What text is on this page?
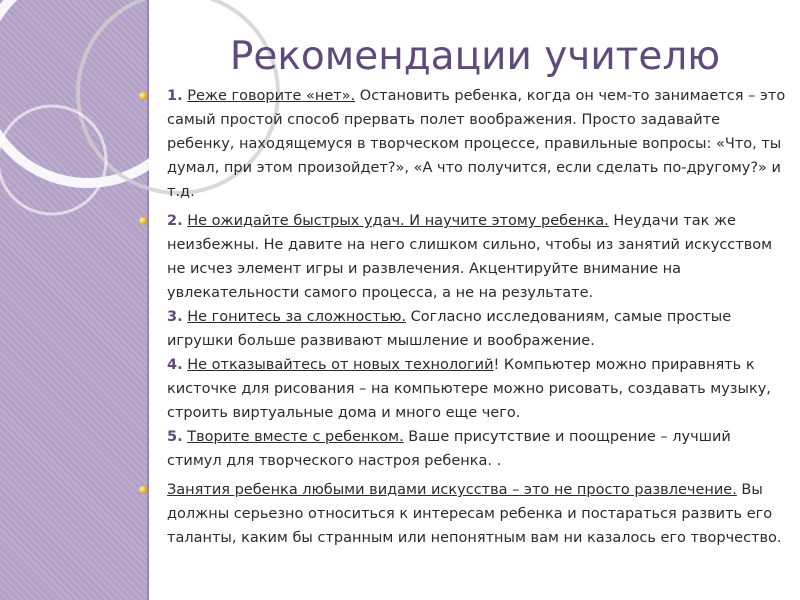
Рекомендации учителю
1. Реже говорите «нет». Остановить ребенка, когда он чем-то занимается – это самый простой способ прервать полет воображения. Просто задавайте ребенку, находящемуся в творческом процессе, правильные вопросы: «Что, ты думал, при этом произойдет?», «А что получится, если сделать по-другому?» и т.д.
2. Не ожидайте быстрых удач. И научите этому ребенка. Неудачи так же неизбежны. Не давите на него слишком сильно, чтобы из занятий искусством не исчез элемент игры и развлечения. Акцентируйте внимание на увлекательности самого процесса, а не на результате.
3. Не гонитесь за сложностью. Согласно исследованиям, самые простые игрушки больше развивают мышление и воображение.
4. Не отказывайтесь от новых технологий! Компьютер можно приравнять к кисточке для рисования – на компьютере можно рисовать, создавать музыку, строить виртуальные дома и много еще чего.
5. Творите вместе с ребенком. Ваше присутствие и поощрение – лучший стимул для творческого настроя ребенка. .
Занятия ребенка любыми видами искусства – это не просто развлечение. Вы должны серьезно относиться к интересам ребенка и постараться развить его таланты, каким бы странным или непонятным вам ни казалось его творчество.
